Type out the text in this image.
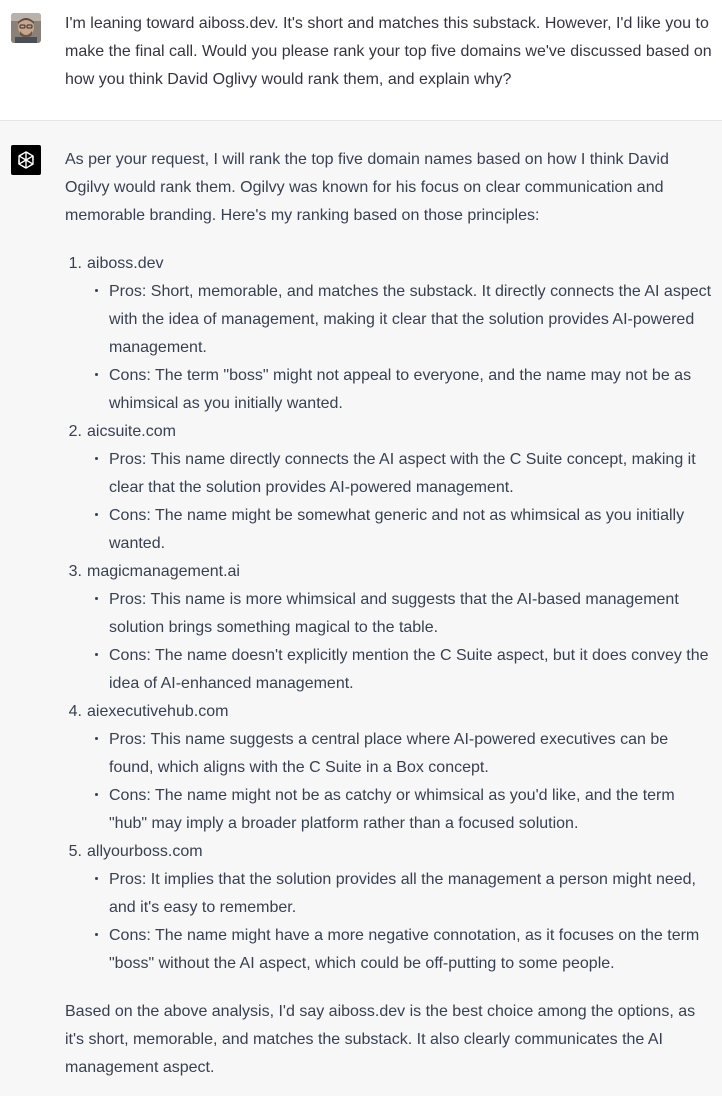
I'm leaning toward aiboss.dev. It's short and matches this substack. However, I'd like you to make the final call. Would you please rank your top five domains we've discussed based on how you think David Oglivy would rank them, and explain why?

As per your request, I will rank the top five domain names based on how I think David Ogilvy would rank them. Ogilvy was known for his focus on clear communication and memorable branding. Here's my ranking based on those principles:

1. aiboss.dev
Pros: Short, memorable, and matches the substack. It directly connects the AI aspect with the idea of management, making it clear that the solution provides AI-powered management.
Cons: The term "boss" might not appeal to everyone, and the name may not be as whimsical as you initially wanted.
2. aicsuite.com
Pros: This name directly connects the AI aspect with the C Suite concept, making it clear that the solution provides AI-powered management.
Cons: The name might be somewhat generic and not as whimsical as you initially wanted.
3. magicmanagement.ai
Pros: This name is more whimsical and suggests that the AI-based management solution brings something magical to the table.
Cons: The name doesn't explicitly mention the C Suite aspect, but it does convey the idea of AI-enhanced management.
4. aiexecutivehub.com
Pros: This name suggests a central place where AI-powered executives can be found, which aligns with the C Suite in a Box concept.
Cons: The name might not be as catchy or whimsical as you'd like, and the term "hub" may imply a broader platform rather than a focused solution.
5. allyourboss.com
Pros: It implies that the solution provides all the management a person might need, and it's easy to remember.
Cons: The name might have a more negative connotation, as it focuses on the term "boss" without the AI aspect, which could be off-putting to some people.

Based on the above analysis, I'd say aiboss.dev is the best choice among the options, as it's short, memorable, and matches the substack. It also clearly communicates the AI management aspect.
